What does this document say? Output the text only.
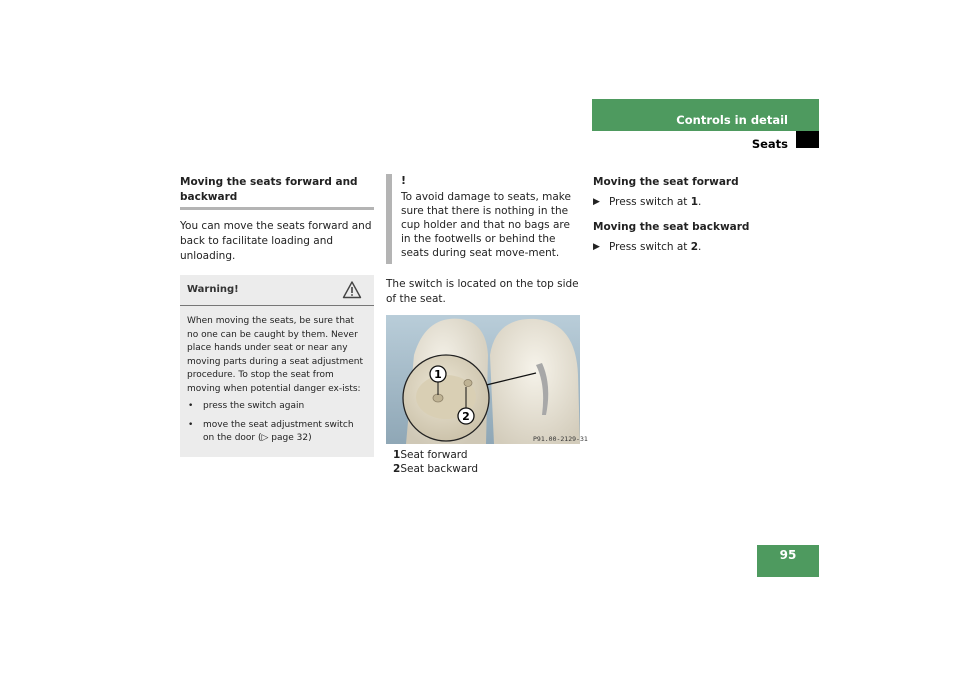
Controls in detail
Seats
Moving the seats forward and backward
You can move the seats forward and back to facilitate loading and unloading.
Warning!
When moving the seats, be sure that no one can be caught by them. Never place hands under seat or near any moving parts during a seat adjustment procedure. To stop the seat from moving when potential danger ex-ists:
• press the switch again
• move the seat adjustment switch on the door (▷ page 32)
!
To avoid damage to seats, make sure that there is nothing in the cup holder and that no bags are in the footwells or behind the seats during seat move-ment.
The switch is located on the top side of the seat.
1
2
P91.00-2129-31
1Seat forward
2Seat backward
Moving the seat forward
▶ Press switch at 1.
Moving the seat backward
▶ Press switch at 2.
95
